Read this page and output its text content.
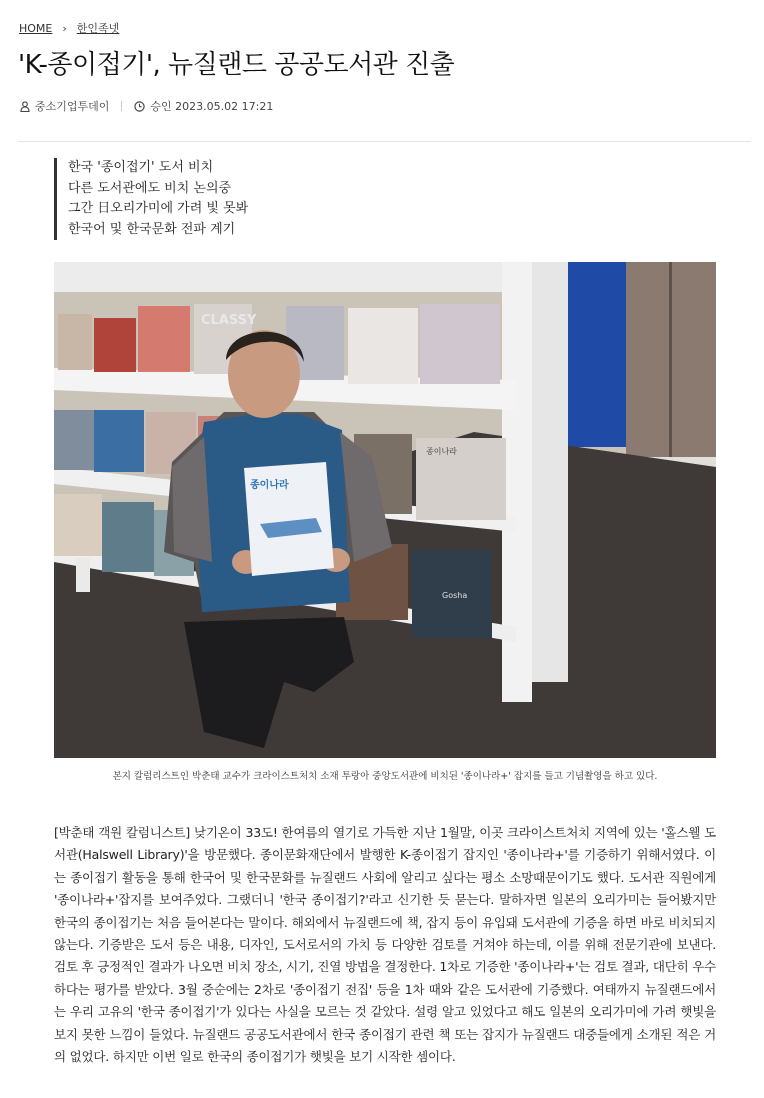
HOME › 한인족넷
'K-종이접기', 뉴질랜드 공공도서관 진출
중소기업투데이	승인 2023.05.02 17:21
한국 '종이접기' 도서 비치
다른 도서관에도 비치 논의중
그간 日오리가미에 가려 빛 못봐
한국어 및 한국문화 전파 계기
CLASSY
종이나라
Gosha
종이나라
본지 칼럼리스트인 박춘태 교수가 크라이스트처치 소재 투랑아 중앙도서관에 비치된 '종이나라+' 잡지를 들고 기념촬영을 하고 있다.
[박춘태 객원 칼럼니스트] 낮기온이 33도! 한여름의 열기로 가득한 지난 1월말, 이곳 크라이스트처치 지역에 있는 '홀스웰 도서관(Halswell Library)'을 방문했다. 종이문화재단에서 발행한 K-종이접기 잡지인 '종이나라+'를 기증하기 위해서였다. 이는 종이접기 활동을 통해 한국어 및 한국문화를 뉴질랜드 사회에 알리고 싶다는 평소 소망때문이기도 했다. 도서관 직원에게 '종이나라+'잡지를 보여주었다. 그랬더니 '한국 종이접기?'라고 신기한 듯 묻는다. 말하자면 일본의 오리가미는 들어봤지만 한국의 종이접기는 처음 들어본다는 말이다. 해외에서 뉴질랜드에 책, 잡지 등이 유입돼 도서관에 기증을 하면 바로 비치되지 않는다. 기증받은 도서 등은 내용, 디자인, 도서로서의 가치 등 다양한 검토를 거쳐야 하는데, 이를 위해 전문기관에 보낸다. 검토 후 긍정적인 결과가 나오면 비치 장소, 시기, 진열 방법을 결정한다. 1차로 기증한 '종이나라+'는 검토 결과, 대단히 우수하다는 평가를 받았다. 3월 중순에는 2차로 '종이접기 전집' 등을 1차 때와 같은 도서관에 기증했다. 여태까지 뉴질랜드에서는 우리 고유의 '한국 종이접기'가 있다는 사실을 모르는 것 같았다. 설령 알고 있었다고 해도 일본의 오리가미에 가려 햇빛을 보지 못한 느낌이 들었다. 뉴질랜드 공공도서관에서 한국 종이접기 관련 책 또는 잡지가 뉴질랜드 대중들에게 소개된 적은 거의 없었다. 하지만 이번 일로 한국의 종이접기가 햇빛을 보기 시작한 셈이다.
